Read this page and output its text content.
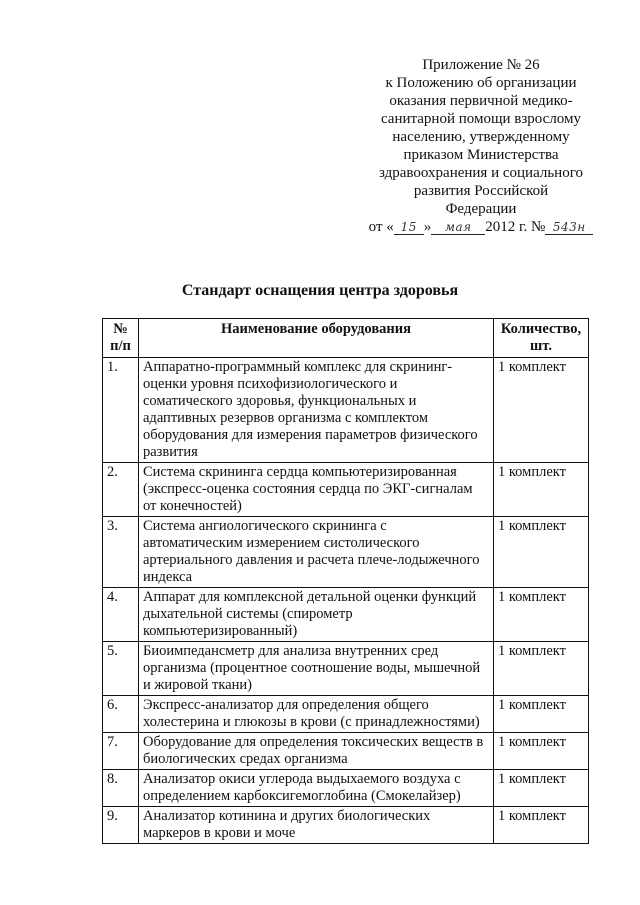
Приложение № 26
к Положению об организации
оказания первичной медико-
санитарной помощи взрослому
населению, утвержденному
приказом Министерства
здравоохранения и социального
развития Российской
Федерации
от « 15 » мая 2012 г. № 543н
Стандарт оснащения центра здоровья
№ п/п	Наименование оборудования	Количество, шт.
1.	Аппаратно-программный комплекс для скрининг-оценки уровня психофизиологического и соматического здоровья, функциональных и адаптивных резервов организма с комплектом оборудования для измерения параметров физического развития	1 комплект
2.	Система скрининга сердца компьютеризированная (экспресс-оценка состояния сердца по ЭКГ-сигналам от конечностей)	1 комплект
3.	Система ангиологического скрининга с автоматическим измерением систолического артериального давления и расчета плече-лодыжечного индекса	1 комплект
4.	Аппарат для комплексной детальной оценки функций дыхательной системы (спирометр компьютеризированный)	1 комплект
5.	Биоимпедансметр для анализа внутренних сред организма (процентное соотношение воды, мышечной и жировой ткани)	1 комплект
6.	Экспресс-анализатор для определения общего холестерина и глюкозы в крови (с принадлежностями)	1 комплект
7.	Оборудование для определения токсических веществ в биологических средах организма	1 комплект
8.	Анализатор окиси углерода выдыхаемого воздуха с определением карбоксигемоглобина (Смокелайзер)	1 комплект
9.	Анализатор котинина и других биологических маркеров в крови и моче	1 комплект
